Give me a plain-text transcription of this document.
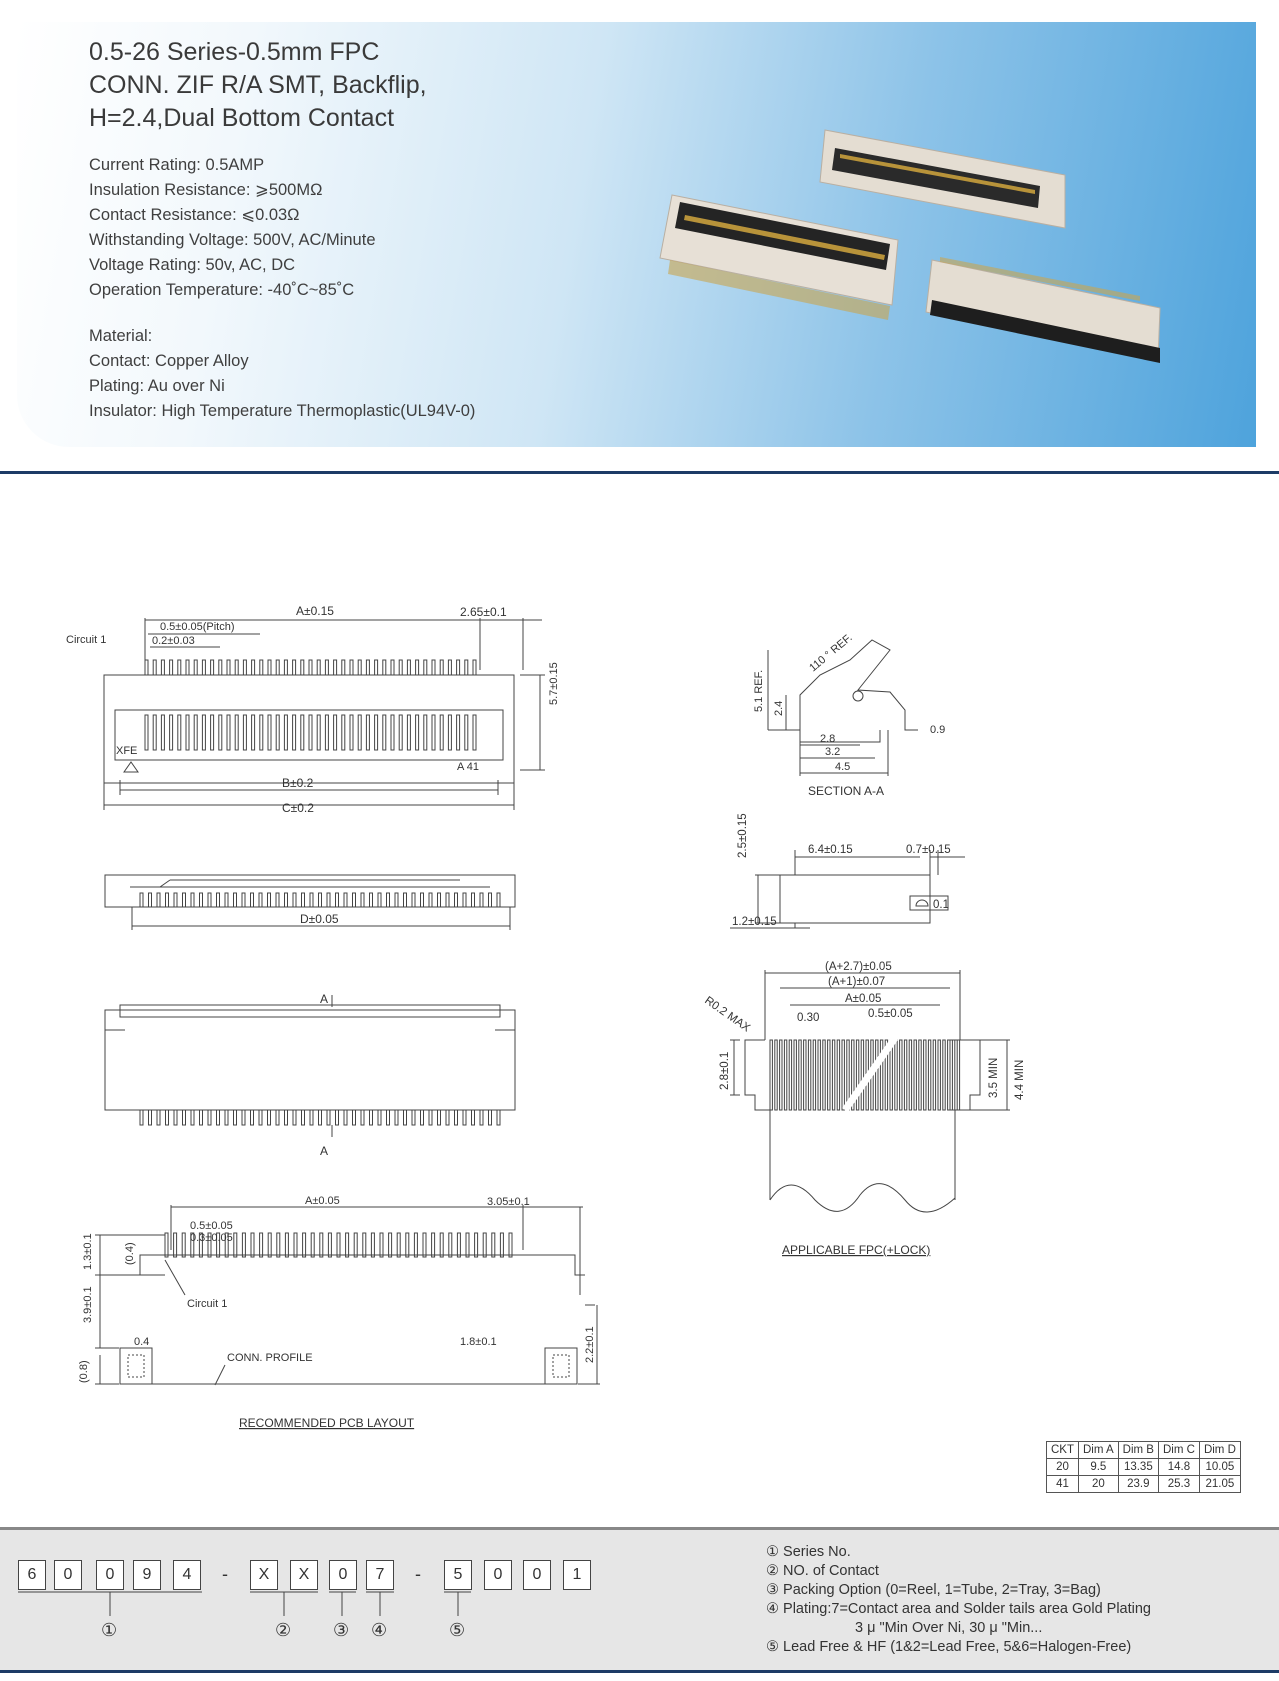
0.5-26 Series-0.5mm FPC
CONN. ZIF R/A SMT, Backflip,
H=2.4,Dual Bottom Contact
Current Rating: 0.5AMP
Insulation Resistance: ⩾500MΩ
Contact Resistance: ⩽0.03Ω
Withstanding Voltage: 500V, AC/Minute
Voltage Rating: 50v, AC, DC
Operation Temperature: -40˚C~85˚C
Material:
Contact: Copper Alloy
Plating: Au over Ni
Insulator: High Temperature Thermoplastic(UL94V-0)
A±0.15	2.65±0.1
0.5±0.05(Pitch)
0.2±0.03
Circuit 1
5.7±0.15
XFE
A 41
B±0.2
C±0.2
D±0.05
A
A
A±0.05	3.05±0.1
1.3±0.1	(0.4)
0.5±0.05
0.3±0.05
Circuit 1
3.9±0.1
0.4	1.8±0.1	2.2±0.1
(0.8)
CONN. PROFILE
RECOMMENDED PCB LAYOUT
5.1 REF. 2.4
110 ° REF.
2.8
3.2
4.5
0.9
SECTION A-A
2.5±0.15	6.4±0.15	0.7±0.15
1.2±0.15
0.1
(A+2.7)±0.05
(A+1)±0.07
A±0.05
0.30	0.5±0.05
R0.2 MAX
2.8±0.1	3.5 MIN 4.4 MIN
APPLICABLE FPC(+LOCK)
CKT	Dim A	Dim B	Dim C	Dim D
20	9.5	13.35	14.8	10.05
41	20	23.9	25.3	21.05
6	0	0	9	4	-	X	X	0	7	-	5	0	0	1
①	② ③ ④	⑤
① Series No.
② NO. of Contact
③ Packing Option (0=Reel, 1=Tube, 2=Tray, 3=Bag)
④ Plating:7=Contact area and Solder tails area Gold Plating
3 μ "Min Over Ni, 30 μ "Min...
⑤ Lead Free & HF (1&2=Lead Free, 5&6=Halogen-Free)
